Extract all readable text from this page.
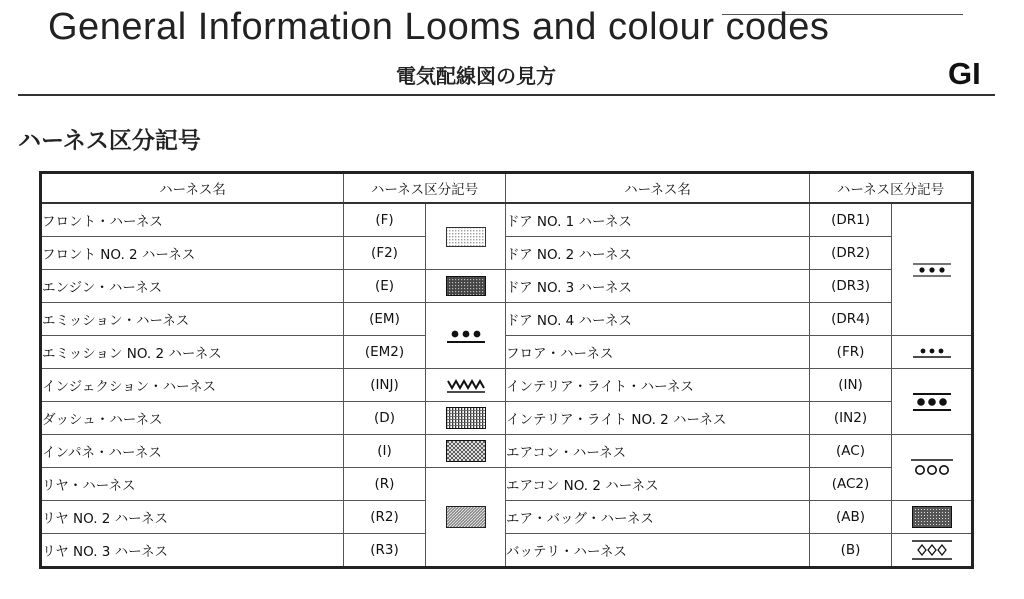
General Information Looms and colour codes
電気配線図の見方	GI
ハーネス区分記号
ハーネス名	ハーネス区分記号		ハーネス名	ハーネス区分記号	
フロント・ハーネス	(F)		ドア NO. 1 ハーネス	(DR1)	

フロント NO. 2 ハーネス	(F2)		ドア NO. 2 ハーネス	(DR2)	
エンジン・ハーネス	(E)		ドア NO. 3 ハーネス	(DR3)	
エミッション・ハーネス	(EM)		ドア NO. 4 ハーネス	(DR4)	
エミッション NO. 2 ハーネス	(EM2)		フロア・ハーネス	(FR)	

インジェクション・ハーネス	(INJ)		インテリア・ライト・ハーネス	(IN)	

ダッシュ・ハーネス	(D)		インテリア・ライト NO. 2 ハーネス	(IN2)	
インパネ・ハーネス	(I)		エアコン・ハーネス	(AC)	

リヤ・ハーネス	(R)		エアコン NO. 2 ハーネス	(AC2)	
リヤ NO. 2 ハーネス	(R2)		エア・バッグ・ハーネス	(AB)	

リヤ NO. 3 ハーネス	(R3)		バッテリ・ハーネス	(B)	
